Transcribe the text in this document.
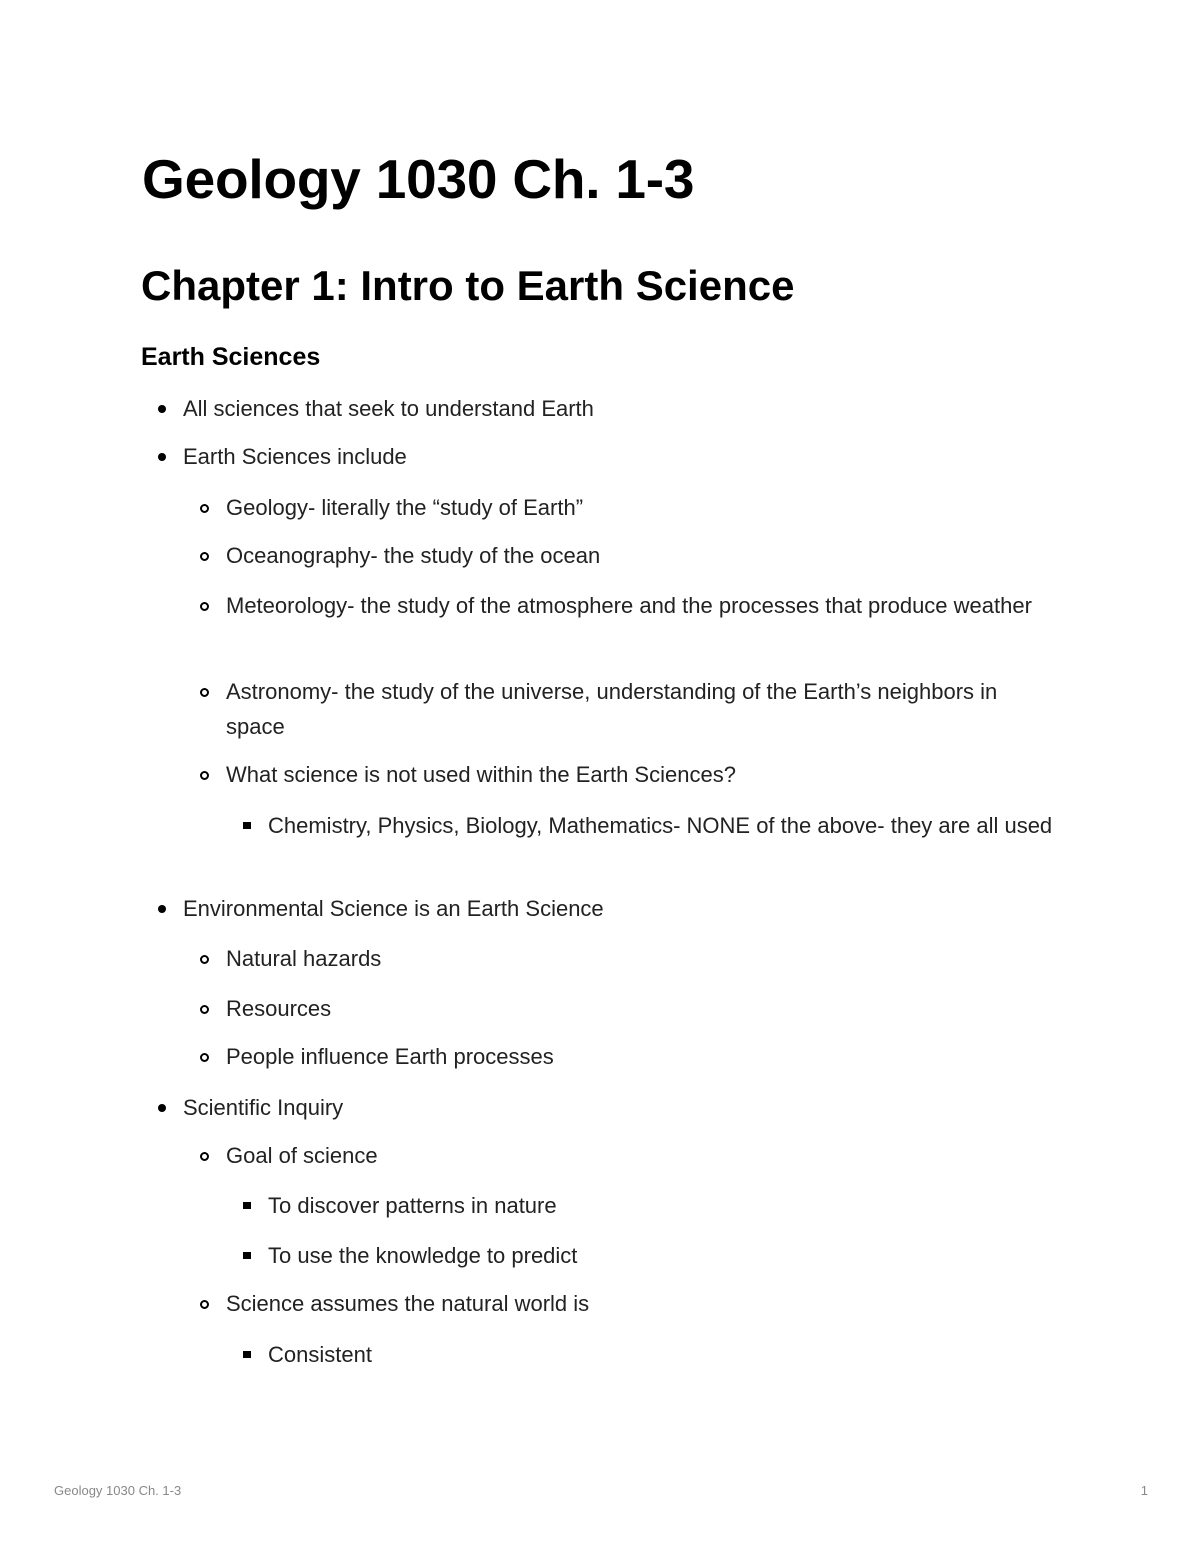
Geology 1030 Ch. 1-3
Chapter 1: Intro to Earth Science
Earth Sciences
All sciences that seek to understand Earth
Earth Sciences include
Geology- literally the “study of Earth”
Oceanography- the study of the ocean
Meteorology- the study of the atmosphere and the processes that produce weather
Astronomy- the study of the universe, understanding of the Earth’s neighbors in space
What science is not used within the Earth Sciences?
Chemistry, Physics, Biology, Mathematics- NONE of the above- they are all used
Environmental Science is an Earth Science
Natural hazards
Resources
People influence Earth processes
Scientific Inquiry
Goal of science
To discover patterns in nature
To use the knowledge to predict
Science assumes the natural world is
Consistent
Geology 1030 Ch. 1-3	1
